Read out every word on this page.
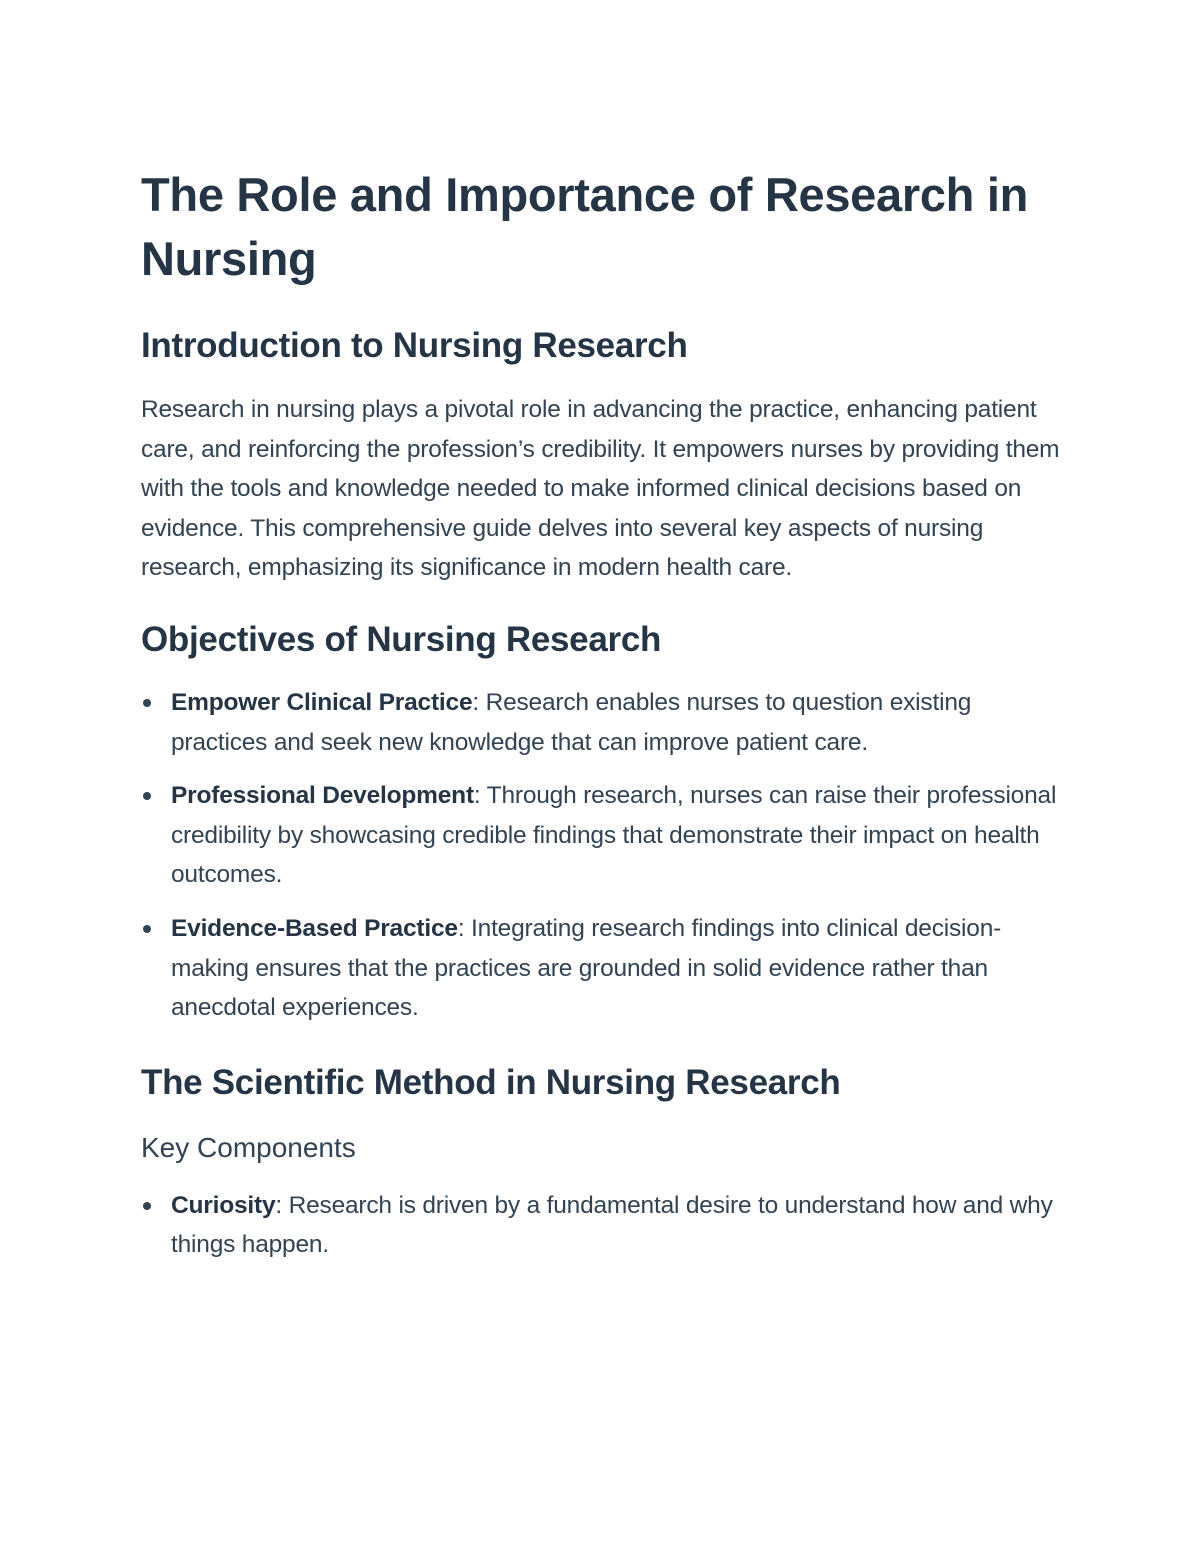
The Role and Importance of Research in Nursing
Introduction to Nursing Research

Research in nursing plays a pivotal role in advancing the practice, enhancing patient care, and reinforcing the profession’s credibility. It empowers nurses by providing them with the tools and knowledge needed to make informed clinical decisions based on evidence. This comprehensive guide delves into several key aspects of nursing research, emphasizing its significance in modern health care.

Objectives of Nursing Research
Empower Clinical Practice: Research enables nurses to question existing practices and seek new knowledge that can improve patient care.
Professional Development: Through research, nurses can raise their professional credibility by showcasing credible findings that demonstrate their impact on health outcomes.
Evidence-Based Practice: Integrating research findings into clinical decision-making ensures that the practices are grounded in solid evidence rather than anecdotal experiences.
The Scientific Method in Nursing Research
Key Components
Curiosity: Research is driven by a fundamental desire to understand how and why things happen.
